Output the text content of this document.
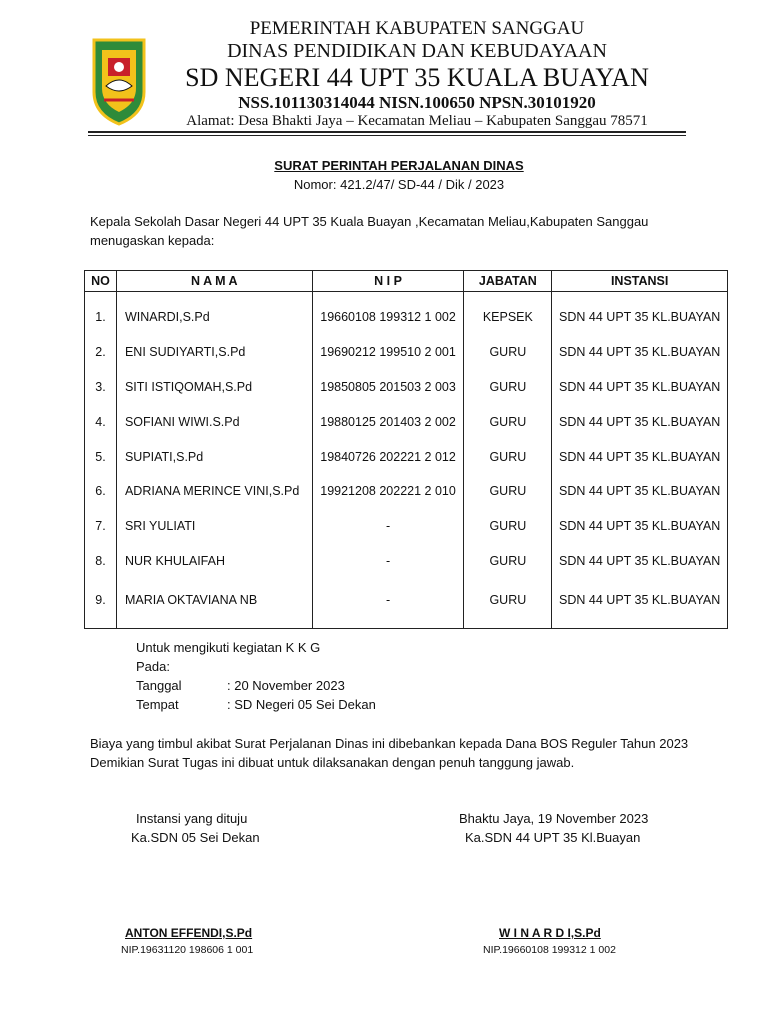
PEMERINTAH KABUPATEN SANGGAU
DINAS PENDIDIKAN DAN KEBUDAYAAN
SD NEGERI 44 UPT 35 KUALA BUAYAN
NSS.101130314044 NISN.100650 NPSN.30101920
Alamat: Desa Bhakti Jaya – Kecamatan Meliau – Kabupaten Sanggau 78571
SURAT PERINTAH PERJALANAN DINAS
Nomor: 421.2/47/ SD-44 / Dik / 2023
Kepala Sekolah Dasar Negeri 44 UPT 35 Kuala Buayan ,Kecamatan Meliau,Kabupaten Sanggau
menugaskan kepada:
NO	N A M A	N I P	JABATAN	INSTANSI
1.	WINARDI,S.Pd	19660108 199312 1 002	KEPSEK	SDN 44 UPT 35 KL.BUAYAN
2.	ENI SUDIYARTI,S.Pd	19690212 199510 2 001	GURU	SDN 44 UPT 35 KL.BUAYAN
3.	SITI ISTIQOMAH,S.Pd	19850805 201503 2 003	GURU	SDN 44 UPT 35 KL.BUAYAN
4.	SOFIANI WIWI.S.Pd	19880125 201403 2 002	GURU	SDN 44 UPT 35 KL.BUAYAN
5.	SUPIATI,S.Pd	19840726 202221 2 012	GURU	SDN 44 UPT 35 KL.BUAYAN
6.	ADRIANA MERINCE VINI,S.Pd	19921208 202221 2 010	GURU	SDN 44 UPT 35 KL.BUAYAN
7.	SRI YULIATI	-	GURU	SDN 44 UPT 35 KL.BUAYAN
8.	NUR KHULAIFAH	-	GURU	SDN 44 UPT 35 KL.BUAYAN
9.	MARIA OKTAVIANA NB	-	GURU	SDN 44 UPT 35 KL.BUAYAN
Untuk mengikuti kegiatan K K G
Pada:
Tanggal	: 20 November 2023
Tempat	: SD Negeri 05 Sei Dekan
Biaya yang timbul akibat Surat Perjalanan Dinas ini dibebankan kepada Dana BOS Reguler Tahun 2023
Demikian Surat Tugas ini dibuat untuk dilaksanakan dengan penuh tanggung jawab.
Instansi yang dituju
Ka.SDN 05 Sei Dekan
ANTON EFFENDI,S.Pd
NIP.19631120 198606 1 001
Bhaktu Jaya, 19 November 2023
Ka.SDN 44 UPT 35 Kl.Buayan
W I N A R D I,S.Pd
NIP.19660108 199312 1 002
